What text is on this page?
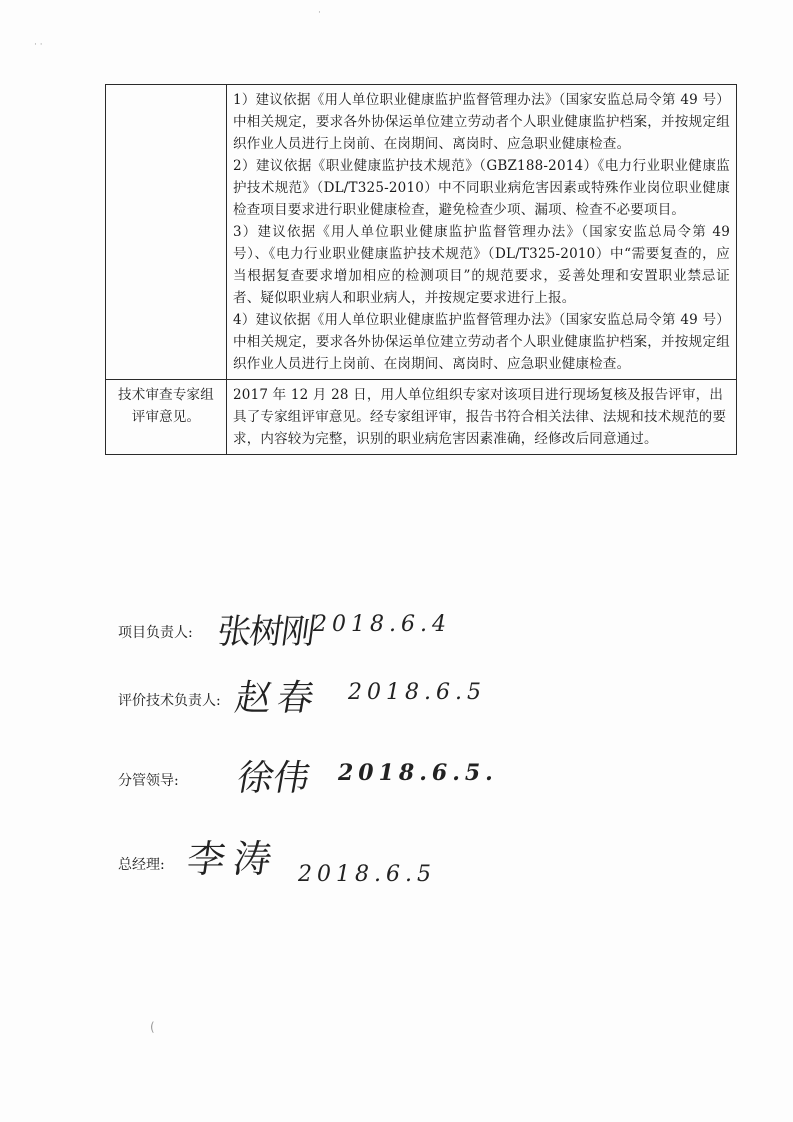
·
· ·
(

	1）建议依据《用人单位职业健康监护监督管理办法》（国家安监总局令第 49 号）中相关规定，要求各外协保运单位建立劳动者个人职业健康监护档案，并按规定组织作业人员进行上岗前、在岗期间、离岗时、应急职业健康检查。

2）建议依据《职业健康监护技术规范》（GBZ188-2014）《电力行业职业健康监护技术规范》（DL/T325-2010）中不同职业病危害因素或特殊作业岗位职业健康检查项目要求进行职业健康检查，避免检查少项、漏项、检查不必要项目。

3）建议依据《用人单位职业健康监护监督管理办法》（国家安监总局令第 49 号）、《电力行业职业健康监护技术规范》（DL/T325-2010）中“需要复查的，应当根据复查要求增加相应的检测项目”的规范要求，妥善处理和安置职业禁忌证者、疑似职业病人和职业病人，并按规定要求进行上报。

4）建议依据《用人单位职业健康监护监督管理办法》（国家安监总局令第 49 号）中相关规定，要求各外协保运单位建立劳动者个人职业健康监护档案，并按规定组织作业人员进行上岗前、在岗期间、离岗时、应急职业健康检查。

技术审查专家组评审意见。	2017 年 12 月 28 日，用人单位组织专家对该项目进行现场复核及报告评审，出具了专家组评审意见。经专家组评审，报告书符合相关法律、法规和技术规范的要求，内容较为完整，识别的职业病危害因素准确，经修改后同意通过。
项目负责人: 张树刚
2018.6.4
评价技术负责人: 赵春 2018.6.5
分管领导: 徐伟 2018.6.5.
总经理: 李涛 2018.6.5
